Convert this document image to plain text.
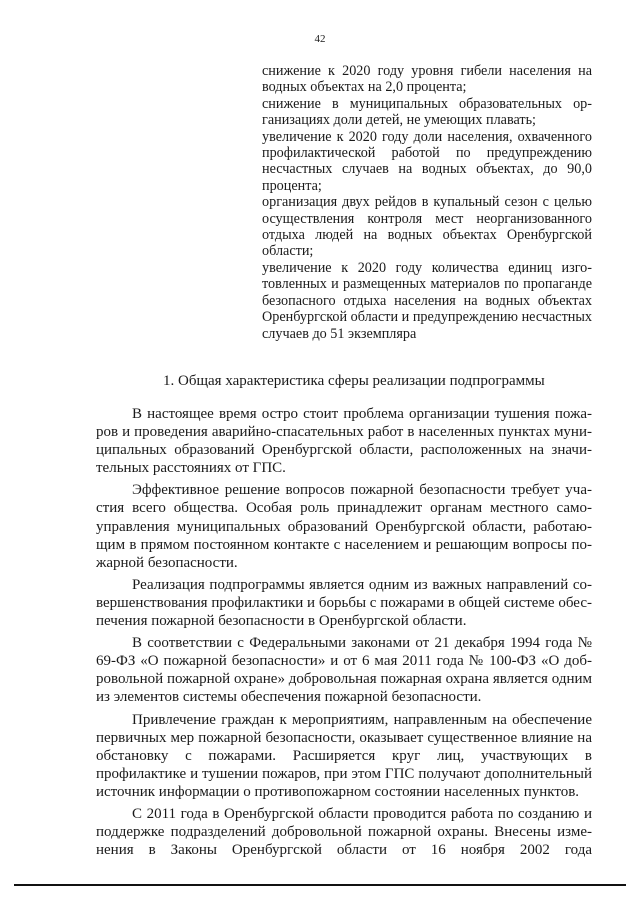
42

снижение к 2020 году уровня гибели населения на водных объектах на 2,0 процента;

снижение в муниципальных образовательных организациях доли детей, не умеющих плавать;

увеличение к 2020 году доли населения, охваченного профилактической работой по предупреждению несчастных случаев на водных объектах, до 90,0 процента;

организация двух рейдов в купальный сезон с целью осуществления контроля мест неорганизованного отдыха людей на водных объектах Оренбургской области;

увеличение к 2020 году количества единиц изготовленных и размещенных материалов по пропаганде безопасного отдыха населения на водных объектах Оренбургской области и предупреждению несчастных случаев до 51 экземпляра

1. Общая характеристика сферы реализации подпрограммы

В настоящее время остро стоит проблема организации тушения пожаров и проведения аварийно-спасательных работ в населенных пунктах муниципальных образований Оренбургской области, расположенных на значительных расстояниях от ГПС.

Эффективное решение вопросов пожарной безопасности требует участия всего общества. Особая роль принадлежит органам местного самоуправления муниципальных образований Оренбургской области, работающим в прямом постоянном контакте с населением и решающим вопросы пожарной безопасности.

Реализация подпрограммы является одним из важных направлений совершенствования профилактики и борьбы с пожарами в общей системе обеспечения пожарной безопасности в Оренбургской области.

В соответствии с Федеральными законами от 21 декабря 1994 года № 69-ФЗ «О пожарной безопасности» и от 6 мая 2011 года № 100-ФЗ «О добровольной пожарной охране» добровольная пожарная охрана является одним из элементов системы обеспечения пожарной безопасности.

Привлечение граждан к мероприятиям, направленным на обеспечение первичных мер пожарной безопасности, оказывает существенное влияние на обстановку с пожарами. Расширяется круг лиц, участвующих в профилактике и тушении пожаров, при этом ГПС получают дополнительный источник информации о противопожарном состоянии населенных пунктов.

С 2011 года в Оренбургской области проводится работа по созданию и поддержке подразделений добровольной пожарной охраны. Внесены изменения в Законы Оренбургской области от 16 ноября 2002 года
